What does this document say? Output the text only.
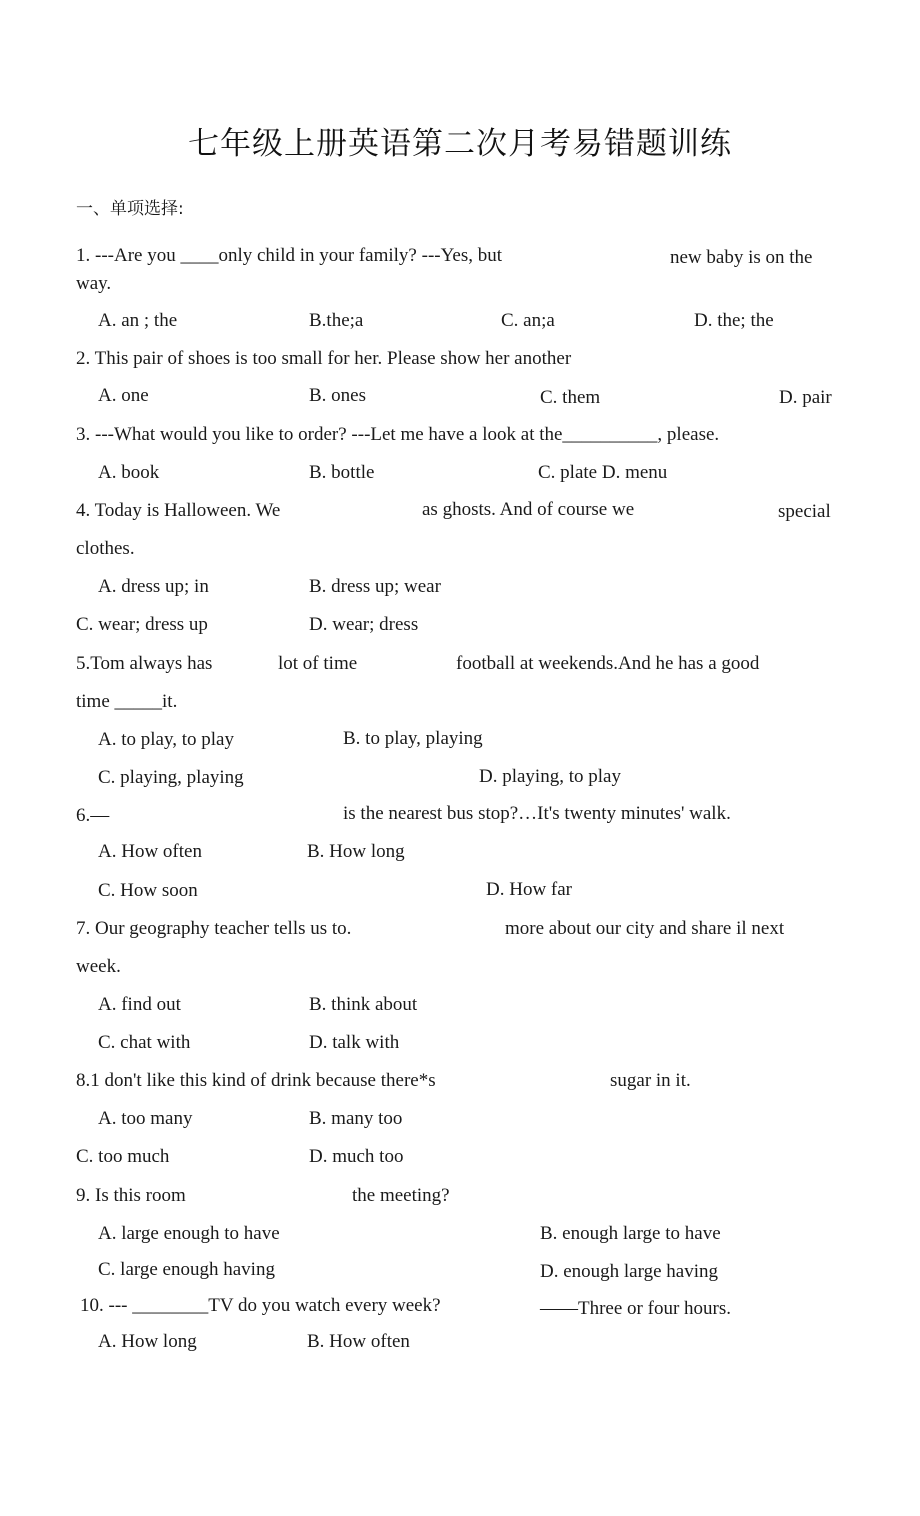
七年级上册英语第二次月考易错题训练
一、单项选择:
1. ---Are you ____only child in your family? ---Yes, but	new baby is on the
way.
A. an ; the	B.the;a	C. an;a	D. the; the
2. This pair of shoes is too small for her. Please show her another
A. one	B. ones	C. them	D. pair
3. ---What would you like to order? ---Let me have a look at the__________, please.
A. book	B. bottle	C. plate D. menu
4. Today is Halloween. We	as ghosts. And of course we	special
clothes.
A. dress up; in	B. dress up; wear
C. wear; dress up	D. wear; dress
5.Tom always has	lot of time	football at weekends.And he has a good
time _____it.
A. to play, to play	B. to play, playing
C. playing, playing	D. playing, to play
6.—	is the nearest bus stop?…It's twenty minutes' walk.
A. How often	B. How long
C. How soon	D. How far
7. Our geography teacher tells us to.	more about our city and share il next
week.
A. find out	B. think about
C. chat with	D. talk with
8.1 don't like this kind of drink because there*s	sugar in it.
A. too many	B. many too
C. too much	D. much too
9. Is this room	the meeting?
A. large enough to have	B. enough large to have
C. large enough having	D. enough large having
10. --- ________TV do you watch every week?	——Three or four hours.
A. How long	B. How often
